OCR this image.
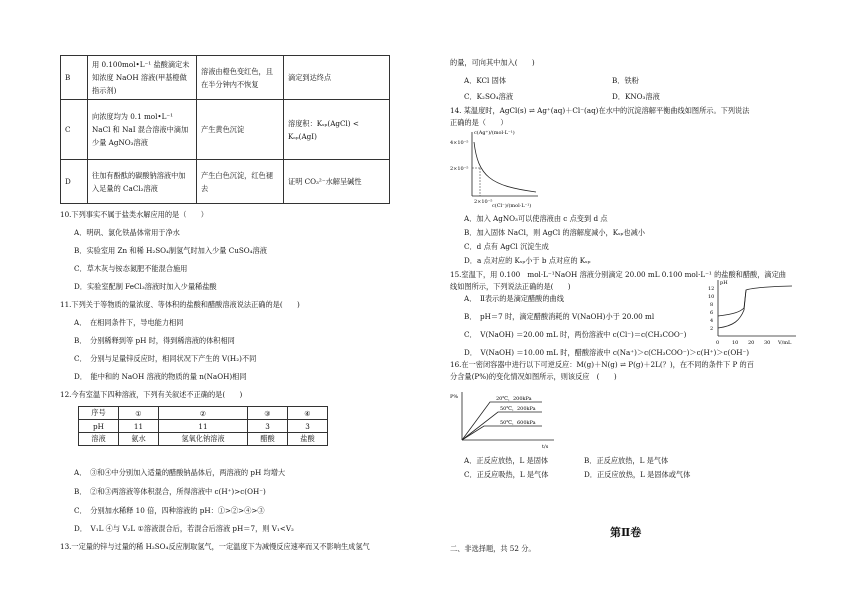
B	用 0.100mol•L⁻¹ 盐酸滴定未知浓度 NaOH 溶液(甲基橙做指示剂)	溶液由橙色变红色，且在半分钟内不恢复	滴定到达终点
C	向浓度均为 0.1 mol•L⁻¹ NaCl 和 NaI 混合溶液中滴加少量 AgNO₃溶液	产生黄色沉淀	溶度积：Kₛₚ(AgCl) < Kₛₚ(AgI)
D	往加有酚酞的碳酸钠溶液中加入足量的 CaCl₂溶液	产生白色沉淀，红色褪去	证明 CO₃²⁻水解呈碱性
10.下列事实不属于盐类水解应用的是（　　）
A．明矾、氯化铁晶体常用于净水
B．实验室用 Zn 和稀 H₂SO₄制氢气时加入少量 CuSO₄溶液
C．草木灰与铵态氮肥不能混合施用
D．实验室配制 FeCl₃溶液时加入少量稀盐酸
11.下列关于等物质的量浓度、等体积的盐酸和醋酸溶液说法正确的是(　　)
A．　在相同条件下，导电能力相同
B．　分别稀释到等 pH 时，得到稀溶液的体积相同
C．　分别与足量锌反应时，相同状况下产生的 V(H₂)不同
D．　能中和的 NaOH 溶液的物质的量 n(NaOH)相同
12.今有室温下四种溶液，下列有关叙述不正确的是(　　)
序号	①	②	③	④
pH	11	11	3	3
溶液	氨水	氢氧化钠溶液	醋酸	盐酸
A．　③和④中分别加入适量的醋酸钠晶体后，两溶液的 pH 均增大
B．　②和③两溶液等体积混合，所得溶液中 c(H⁺)>c(OH⁻)
C．　分别加水稀释 10 倍，四种溶液的 pH：①>②>④>③
D．　V₁L ④与 V₂L ①溶液混合后，若混合后溶液 pH＝7，则 V₁<V₂
13.一定量的锌与过量的稀 H₂SO₄反应制取氢气，一定温度下为减慢反应速率而又不影响生成氢气
的量，可向其中加入(　　)
A．KCl 固体	B．铁粉
C．K₂SO₄溶液	D．KNO₃溶液
14. 某温度时，AgCl(s) ⇌ Ag⁺(aq)＋Cl⁻(aq)在水中的沉淀溶解平衡曲线如图所示。下列说法
正确的是（　　）
c(Ag⁺)/(mol·L⁻¹)
4×10⁻⁵
2×10⁻⁵
2×10⁻⁵
c(Cl⁻)/(mol·L⁻¹)
A．加入 AgNO₃可以使溶液由 c 点变到 d 点
B．加入固体 NaCl，则 AgCl 的溶解度减小，Kₛₚ也减小
C．d 点有 AgCl 沉淀生成
D．a 点对应的 Kₛₚ小于 b 点对应的 Kₛₚ
15.室温下，用 0.100　mol·L⁻¹NaOH 溶液分别滴定 20.00 mL 0.100 mol·L⁻¹ 的盐酸和醋酸，滴定曲
线如图所示，下列说法正确的是(　　)
A．　Ⅱ表示的是滴定醋酸的曲线
B．　pH＝7 时，滴定醋酸消耗的 V(NaOH)小于 20.00 ml
C．　V(NaOH) ＝20.00 mL 时，两份溶液中 c(Cl⁻)＝c(CH₃COO⁻)
D．　V(NaOH) ＝10.00 mL 时，醋酸溶液中 c(Na⁺)＞c(CH₃COO⁻)＞c(H⁺)＞c(OH⁻)
pH
12
10
8
6
4
2
0	10 20 30 V/mL
16.在一密闭容器中进行以下可逆反应：M(g)＋N(g) ⇌ P(g)＋2L(？)，在不同的条件下 P 的百
分含量(P%)的变化情况如图所示，则该反应　(　　)
P%	20℃，200kPa
50℃，200kPa
50℃，600kPa
t/s
A．正反应放热，L 是固体	B．正反应放热，L 是气体
C．正反应吸热，L 是气体	D．正反应放热，L 是固体或气体
第Ⅱ卷
二、非选择题，共 52 分。
